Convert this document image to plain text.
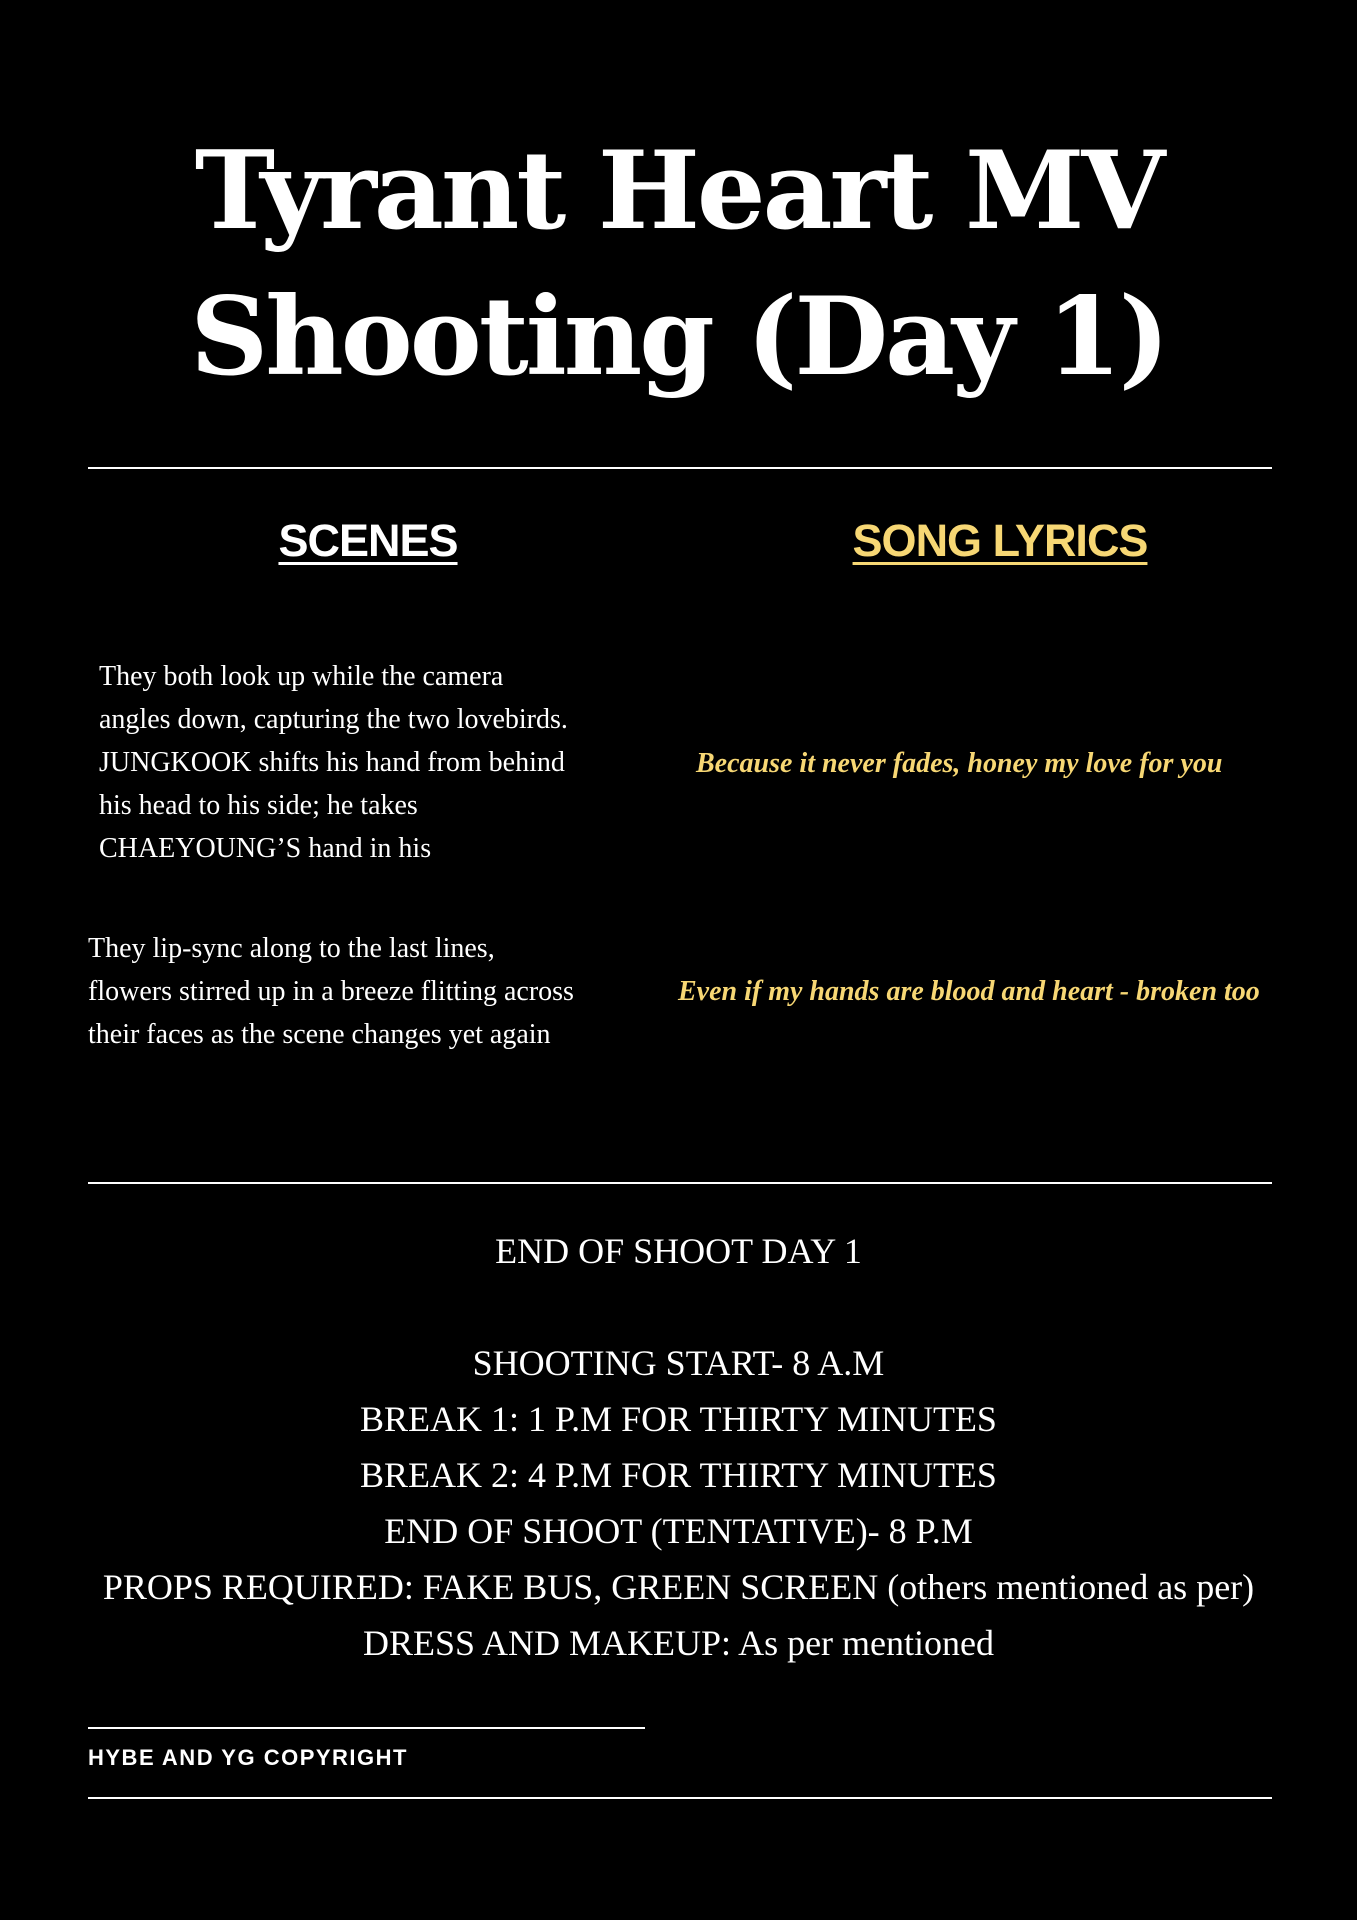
Tyrant Heart MV
Shooting (Day 1)
SCENES	SONG LYRICS

They both look up while the camera angles down, capturing the two lovebirds. JUNGKOOK shifts his hand from behind his head to his side; he takes CHAEYOUNG’S hand in his

Because it never fades, honey my love for you

They lip-sync along to the last lines, flowers stirred up in a breeze flitting across their faces as the scene changes yet again

Even if my hands are blood and heart - broken too

END OF SHOOT DAY 1
SHOOTING START- 8 A.M
BREAK 1: 1 P.M FOR THIRTY MINUTES
BREAK 2: 4 P.M FOR THIRTY MINUTES
END OF SHOOT (TENTATIVE)- 8 P.M
PROPS REQUIRED: FAKE BUS, GREEN SCREEN (others mentioned as per)
DRESS AND MAKEUP: As per mentioned

HYBE AND YG COPYRIGHT
